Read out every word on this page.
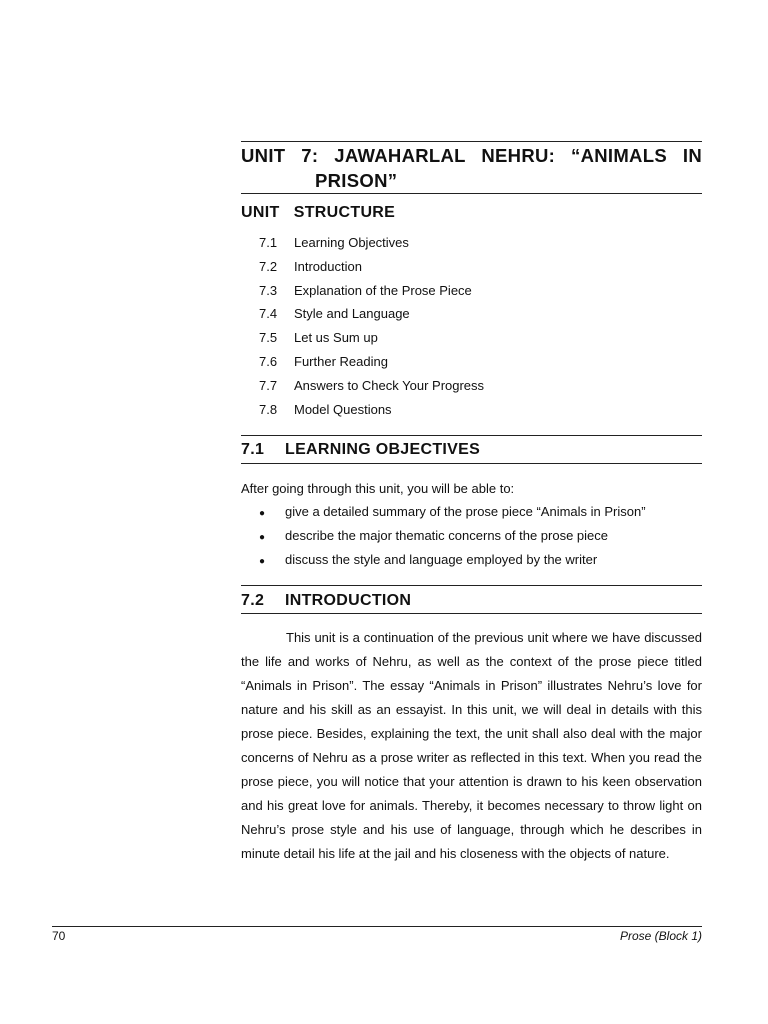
UNIT 7: JAWAHARLAL NEHRU: “ANIMALS IN
PRISON”
UNIT   STRUCTURE
7.1 Learning Objectives
7.2 Introduction
7.3 Explanation of the Prose Piece
7.4 Style and Language
7.5 Let us Sum up
7.6 Further Reading
7.7 Answers to Check Your Progress
7.8 Model Questions
7.1 LEARNING OBJECTIVES
After going through this unit, you will be able to:
● give a detailed summary of the prose piece “Animals in Prison”
● describe the major thematic concerns of the prose piece
● discuss the style and language employed by the writer
7.2 INTRODUCTION
This unit is a continuation of the previous unit where we have discussed the life and works of Nehru, as well as the context of the prose piece titled “Animals in Prison”. The essay “Animals in Prison” illustrates Nehru’s love for nature and his skill as an essayist. In this unit, we will deal in details with this prose piece. Besides, explaining the text, the unit shall also deal with the major concerns of Nehru as a prose writer as reflected in this text. When you read the prose piece, you will notice that your attention is drawn to his keen observation and his great love for animals. Thereby, it becomes necessary to throw light on Nehru’s prose style and his use of language, through which he describes in minute detail his life at the jail and his closeness with the objects of nature.
70	Prose (Block 1)
